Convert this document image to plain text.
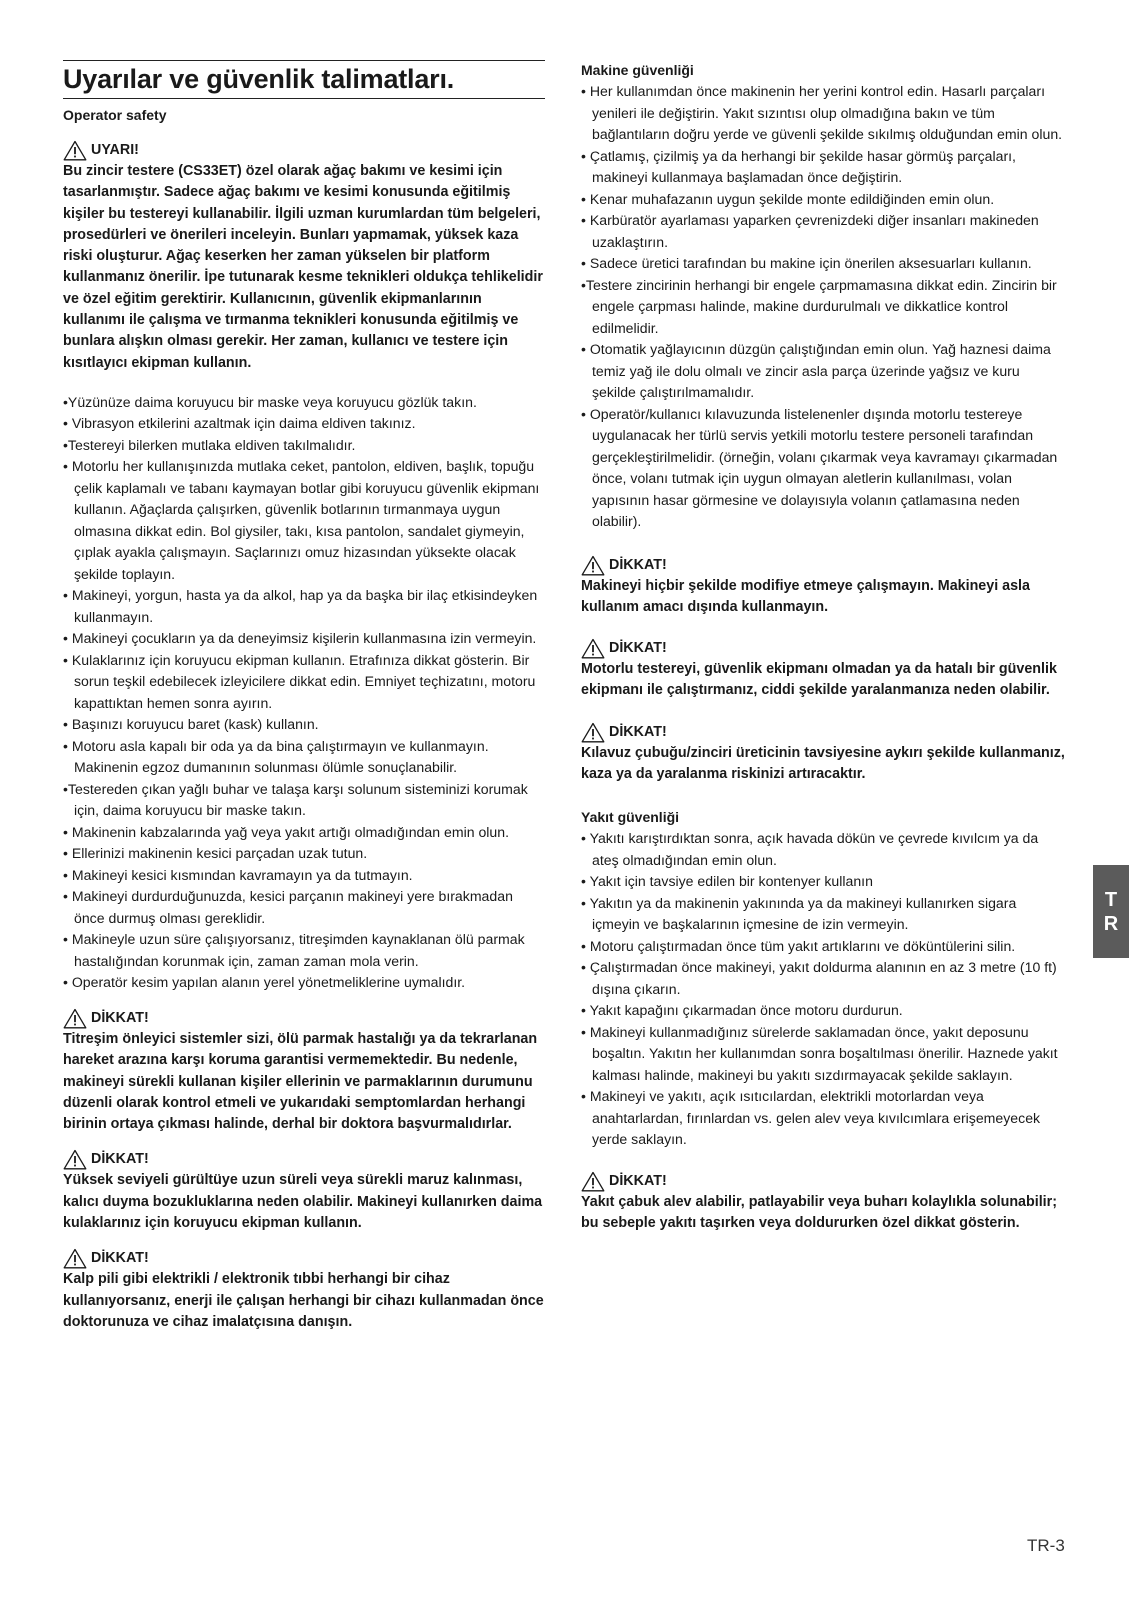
Uyarılar ve güvenlik talimatları.

Operator safety

UYARI!

Bu zincir testere (CS33ET) özel olarak ağaç bakımı ve kesimi için tasarlanmıştır. Sadece ağaç bakımı ve kesimi konusunda eğitilmiş kişiler bu testereyi kullanabilir. İlgili uzman kurumlardan tüm belgeleri, prosedürleri ve önerileri inceleyin. Bunları yapmamak, yüksek kaza riski oluşturur. Ağaç keserken her zaman yükselen bir platform kullanmanız önerilir. İpe tutunarak kesme teknikleri oldukça tehlikelidir ve özel eğitim gerektirir. Kullanıcının, güvenlik ekipmanlarının kullanımı ile çalışma ve tırmanma teknikleri konusunda eğitilmiş ve bunlara alışkın olması gerekir. Her zaman, kullanıcı ve testere için kısıtlayıcı ekipman kullanın.

•Yüzünüze daima koruyucu bir maske veya koruyucu gözlük takın.
• Vibrasyon etkilerini azaltmak için daima eldiven takınız.
•Testereyi bilerken mutlaka eldiven takılmalıdır.
• Motorlu her kullanışınızda mutlaka ceket, pantolon, eldiven, başlık, topuğu çelik kaplamalı ve tabanı kaymayan botlar gibi koruyucu güvenlik ekipmanı kullanın. Ağaçlarda çalışırken, güvenlik botlarının tırmanmaya uygun olmasına dikkat edin. Bol giysiler, takı, kısa pantolon, sandalet giymeyin, çıplak ayakla çalışmayın. Saçlarınızı omuz hizasından yüksekte olacak şekilde toplayın.
• Makineyi, yorgun, hasta ya da alkol, hap ya da başka bir ilaç etkisindeyken kullanmayın.
• Makineyi çocukların ya da deneyimsiz kişilerin kullanmasına izin vermeyin.
• Kulaklarınız için koruyucu ekipman kullanın. Etrafınıza dikkat gösterin. Bir sorun teşkil edebilecek izleyicilere dikkat edin. Emniyet teçhizatını, motoru kapattıktan hemen sonra ayırın.
• Başınızı koruyucu baret (kask) kullanın.
• Motoru asla kapalı bir oda ya da bina çalıştırmayın ve kullanmayın. Makinenin egzoz dumanının solunması ölümle sonuçlanabilir.
•Testereden çıkan yağlı buhar ve talaşa karşı solunum sisteminizi korumak için, daima koruyucu bir maske takın.
• Makinenin kabzalarında yağ veya yakıt artığı olmadığından emin olun.
• Ellerinizi makinenin kesici parçadan uzak tutun.
• Makineyi kesici kısmından kavramayın ya da tutmayın.
• Makineyi durdurduğunuzda, kesici parçanın makineyi yere bırakmadan önce durmuş olması gereklidir.
• Makineyle uzun süre çalışıyorsanız, titreşimden kaynaklanan ölü parmak hastalığından korunmak için, zaman zaman mola verin.
• Operatör kesim yapılan alanın yerel yönetmeliklerine uymalıdır.

DİKKAT!

Titreşim önleyici sistemler sizi, ölü parmak hastalığı ya da tekrarlanan hareket arazına karşı koruma garantisi vermemektedir. Bu nedenle, makineyi sürekli kullanan kişiler ellerinin ve parmaklarının durumunu düzenli olarak kontrol etmeli ve yukarıdaki semptomlardan herhangi birinin ortaya çıkması halinde, derhal bir doktora başvurmalıdırlar.

DİKKAT!

Yüksek seviyeli gürültüye uzun süreli veya sürekli maruz kalınması, kalıcı duyma bozukluklarına neden olabilir. Makineyi kullanırken daima kulaklarınız için koruyucu ekipman kullanın.

DİKKAT!

Kalp pili gibi elektrikli / elektronik tıbbi herhangi bir cihaz kullanıyorsanız, enerji ile çalışan herhangi bir cihazı kullanmadan önce doktorunuza ve cihaz imalatçısına danışın.

Makine güvenliği

• Her kullanımdan önce makinenin her yerini kontrol edin. Hasarlı parçaları yenileri ile değiştirin. Yakıt sızıntısı olup olmadığına bakın ve tüm bağlantıların doğru yerde ve güvenli şekilde sıkılmış olduğundan emin olun.
• Çatlamış, çizilmiş ya da herhangi bir şekilde hasar görmüş parçaları, makineyi kullanmaya başlamadan önce değiştirin.
• Kenar muhafazanın uygun şekilde monte edildiğinden emin olun.
• Karbüratör ayarlaması yaparken çevrenizdeki diğer insanları makineden uzaklaştırın.
• Sadece üretici tarafından bu makine için önerilen aksesuarları kullanın.
•Testere zincirinin herhangi bir engele çarpmamasına dikkat edin. Zincirin bir engele çarpması halinde, makine durdurulmalı ve dikkatlice kontrol edilmelidir.
• Otomatik yağlayıcının düzgün çalıştığından emin olun. Yağ haznesi daima temiz yağ ile dolu olmalı ve zincir asla parça üzerinde yağsız ve kuru şekilde çalıştırılmamalıdır.
• Operatör/kullanıcı kılavuzunda listelenenler dışında motorlu testereye uygulanacak her türlü servis yetkili motorlu testere personeli tarafından gerçekleştirilmelidir. (örneğin, volanı çıkarmak veya kavramayı çıkarmadan önce, volanı tutmak için uygun olmayan aletlerin kullanılması, volan yapısının hasar görmesine ve dolayısıyla volanın çatlamasına neden olabilir).

DİKKAT!

Makineyi hiçbir şekilde modifiye etmeye çalışmayın. Makineyi asla kullanım amacı dışında kullanmayın.

DİKKAT!

Motorlu testereyi, güvenlik ekipmanı olmadan ya da hatalı bir güvenlik ekipmanı ile çalıştırmanız, ciddi şekilde yaralanmanıza neden olabilir.

DİKKAT!

Kılavuz çubuğu/zinciri üreticinin tavsiyesine aykırı şekilde kullanmanız, kaza ya da yaralanma riskinizi artıracaktır.

Yakıt güvenliği

• Yakıtı karıştırdıktan sonra, açık havada dökün ve çevrede kıvılcım ya da ateş olmadığından emin olun.
• Yakıt için tavsiye edilen bir kontenyer kullanın
• Yakıtın ya da makinenin yakınında ya da makineyi kullanırken sigara içmeyin ve başkalarının içmesine de izin vermeyin.
• Motoru çalıştırmadan önce tüm yakıt artıklarını ve döküntülerini silin.
• Çalıştırmadan önce makineyi, yakıt doldurma alanının en az 3 metre (10 ft) dışına çıkarın.
• Yakıt kapağını çıkarmadan önce motoru durdurun.
• Makineyi kullanmadığınız sürelerde saklamadan önce, yakıt deposunu boşaltın. Yakıtın her kullanımdan sonra boşaltılması önerilir. Haznede yakıt kalması halinde, makineyi bu yakıtı sızdırmayacak şekilde saklayın.
• Makineyi ve yakıtı, açık ısıtıcılardan, elektrikli motorlardan veya anahtarlardan, fırınlardan vs. gelen alev veya kıvılcımlara erişemeyecek yerde saklayın.

DİKKAT!

Yakıt çabuk alev alabilir, patlayabilir veya buharı kolaylıkla solunabilir; bu sebeple yakıtı taşırken veya doldururken özel dikkat gösterin.

T
R
TR-3
